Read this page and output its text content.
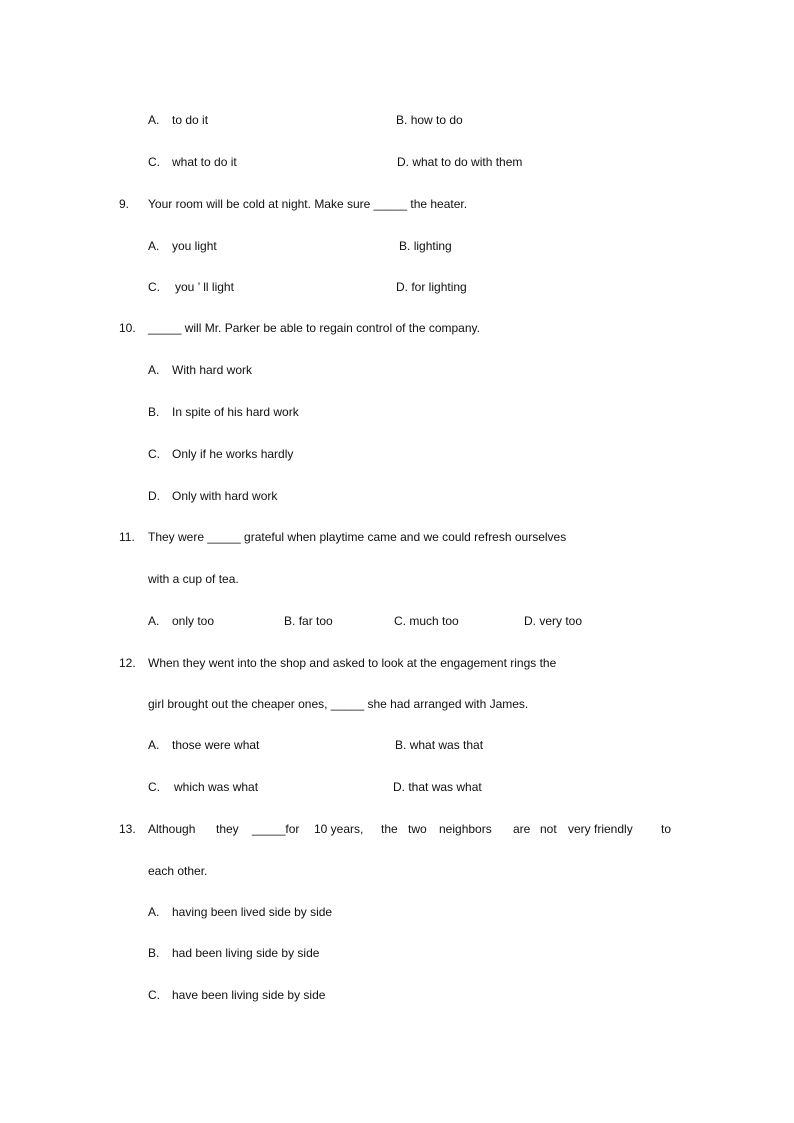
A. to do it	B. how to do
C. what to do it	D. what to do with them
9. Your room will be cold at night. Make sure _____ the heater.
A. you light	B. lighting
C. you ’ ll light	D. for lighting
10. _____ will Mr. Parker be able to regain control of the company.
A. With hard work
B. In spite of his hard work
C. Only if he works hardly
D. Only with hard work
11. They were _____ grateful when playtime came and we could refresh ourselves
with a cup of tea.
A. only too	B. far too	C. much too	D. very too
12. When they went into the shop and asked to look at the engagement rings the
girl brought out the cheaper ones, _____ she had arranged with James.
A. those were what	B. what was that
C. which was what	D. that was what
13. Although they _____for 10 years, the two neighbors are not very friendly to
each other.
A. having been lived side by side
B. had been living side by side
C. have been living side by side
